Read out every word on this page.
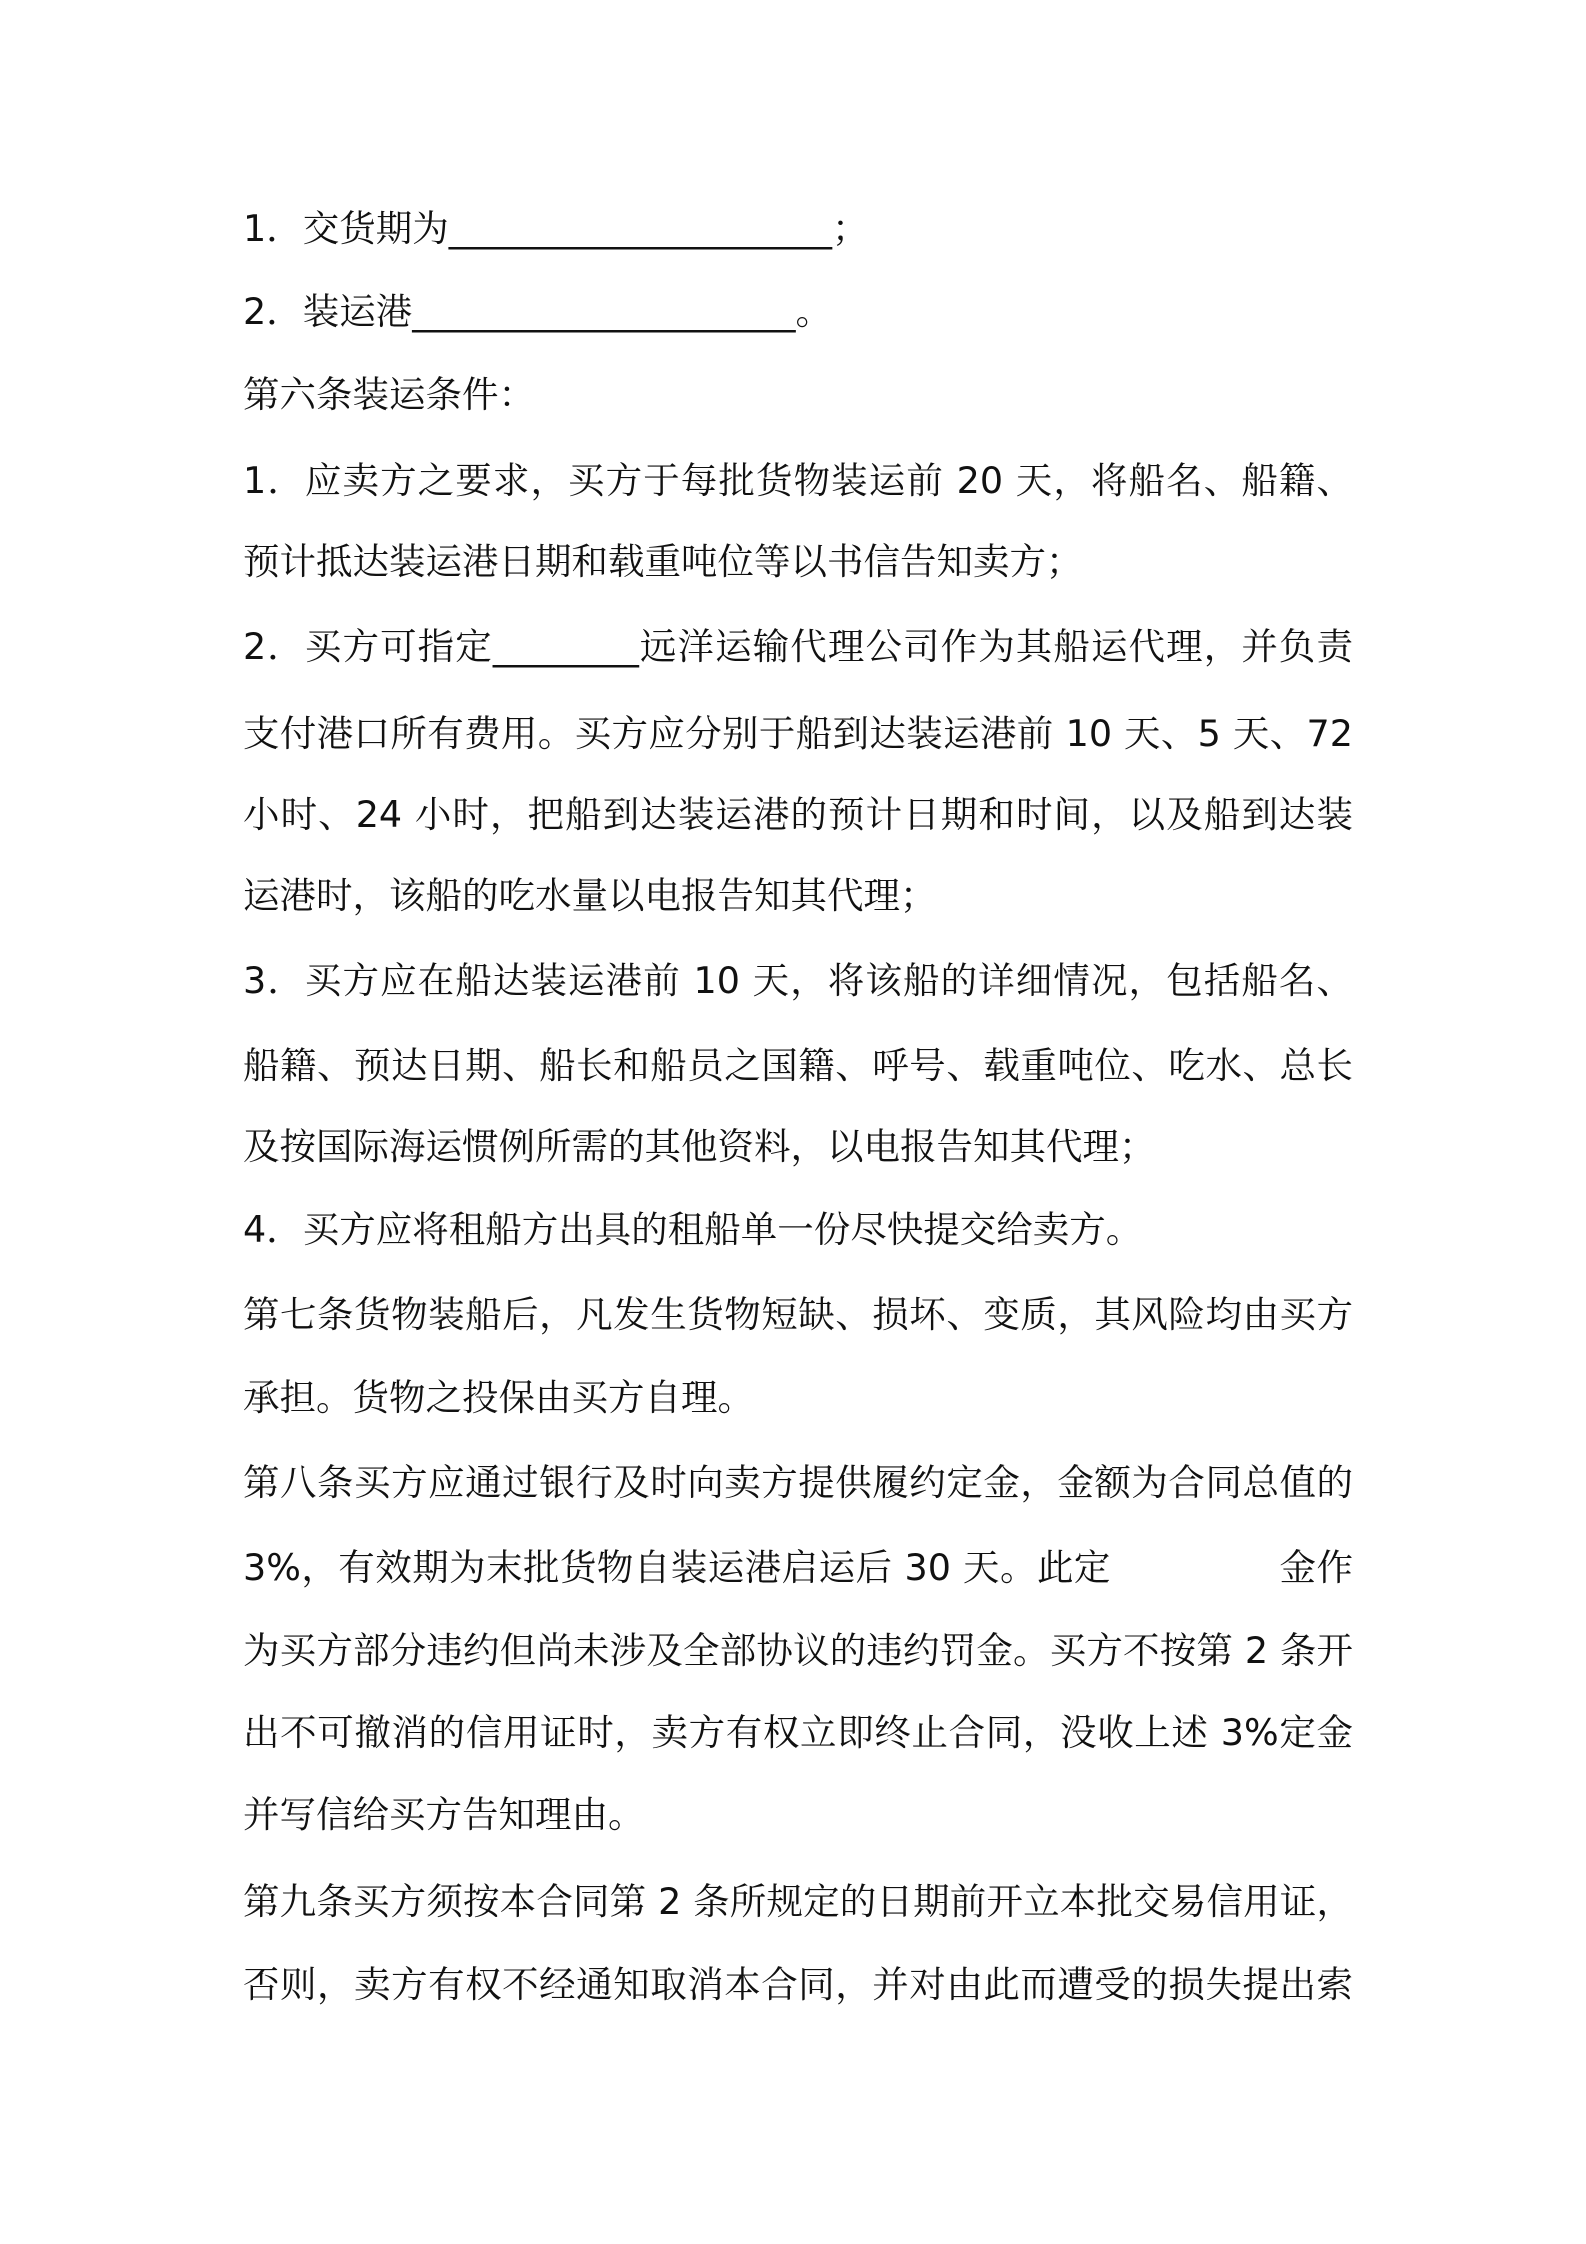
1．交货期为_____________________；
2．装运港_____________________。
第六条装运条件：
1．应卖方之要求，买方于每批货物装运前 20 天，将船名、船籍、
预计抵达装运港日期和载重吨位等以书信告知卖方；
2．买方可指定________远洋运输代理公司作为其船运代理，并负责
支付港口所有费用。买方应分别于船到达装运港前 10 天、5 天、72
小时、24 小时，把船到达装运港的预计日期和时间，以及船到达装
运港时，该船的吃水量以电报告知其代理；
3．买方应在船达装运港前 10 天，将该船的详细情况，包括船名、
船籍、预达日期、船长和船员之国籍、呼号、载重吨位、吃水、总长
及按国际海运惯例所需的其他资料，以电报告知其代理；
4．买方应将租船方出具的租船单一份尽快提交给卖方。
第七条货物装船后，凡发生货物短缺、损坏、变质，其风险均由买方
承担。货物之投保由买方自理。
第八条买方应通过银行及时向卖方提供履约定金，金额为合同总值的
3%，有效期为末批货物自装运港启运后 30 天。此定              金作
为买方部分违约但尚未涉及全部协议的违约罚金。买方不按第 2 条开
出不可撤消的信用证时，卖方有权立即终止合同，没收上述 3%定金
并写信给买方告知理由。
第九条买方须按本合同第 2 条所规定的日期前开立本批交易信用证，
否则，卖方有权不经通知取消本合同，并对由此而遭受的损失提出索
